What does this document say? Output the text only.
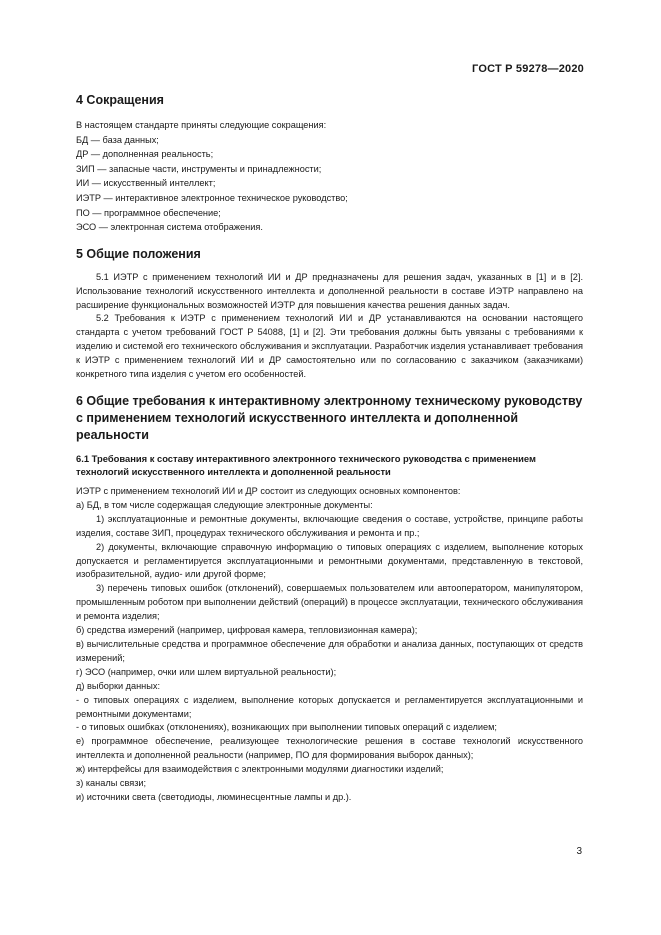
ГОСТ Р 59278—2020
4 Сокращения
В настоящем стандарте приняты следующие сокращения:
БД — база данных;
ДР — дополненная реальность;
ЗИП — запасные части, инструменты и принадлежности;
ИИ — искусственный интеллект;
ИЭТР — интерактивное электронное техническое руководство;
ПО — программное обеспечение;
ЭСО — электронная система отображения.
5 Общие положения

5.1 ИЭТР с применением технологий ИИ и ДР предназначены для решения задач, указанных в [1] и в [2]. Использование технологий искусственного интеллекта и дополненной реальности в составе ИЭТР направлено на расширение функциональных возможностей ИЭТР для повышения качества решения данных задач.

5.2 Требования к ИЭТР с применением технологий ИИ и ДР устанавливаются на основании настоящего стандарта с учетом требований ГОСТ Р 54088, [1] и [2]. Эти требования должны быть увязаны с требованиями к изделию и системой его технического обслуживания и эксплуатации. Разработчик изделия устанавливает требования к ИЭТР с применением технологий ИИ и ДР самостоятельно или по согласованию с заказчиком (заказчиками) конкретного типа изделия с учетом его особенностей.

6 Общие требования к интерактивному электронному техническому руководству с применением технологий искусственного интеллекта и дополненной реальности
6.1 Требования к составу интерактивного электронного технического руководства с применением технологий искусственного интеллекта и дополненной реальности

ИЭТР с применением технологий ИИ и ДР состоит из следующих основных компонентов:

а) БД, в том числе содержащая следующие электронные документы:

1) эксплуатационные и ремонтные документы, включающие сведения о составе, устройстве, принципе работы изделия, составе ЗИП, процедурах технического обслуживания и ремонта и пр.;

2) документы, включающие справочную информацию о типовых операциях с изделием, выполнение которых допускается и регламентируется эксплуатационными и ремонтными документами, представленную в текстовой, изобразительной, аудио- или другой форме;

3) перечень типовых ошибок (отклонений), совершаемых пользователем или автооператором, манипулятором, промышленным роботом при выполнении действий (операций) в процессе эксплуатации, технического обслуживания и ремонта изделия;

б) средства измерений (например, цифровая камера, тепловизионная камера);

в) вычислительные средства и программное обеспечение для обработки и анализа данных, поступающих от средств измерений;

г) ЭСО (например, очки или шлем виртуальной реальности);

д) выборки данных:

- о типовых операциях с изделием, выполнение которых допускается и регламентируется эксплуатационными и ремонтными документами;

- о типовых ошибках (отклонениях), возникающих при выполнении типовых операций с изделием;

е) программное обеспечение, реализующее технологические решения в составе технологий искусственного интеллекта и дополненной реальности (например, ПО для формирования выборок данных);

ж) интерфейсы для взаимодействия с электронными модулями диагностики изделий;

з) каналы связи;

и) источники света (светодиоды, люминесцентные лампы и др.).

3
